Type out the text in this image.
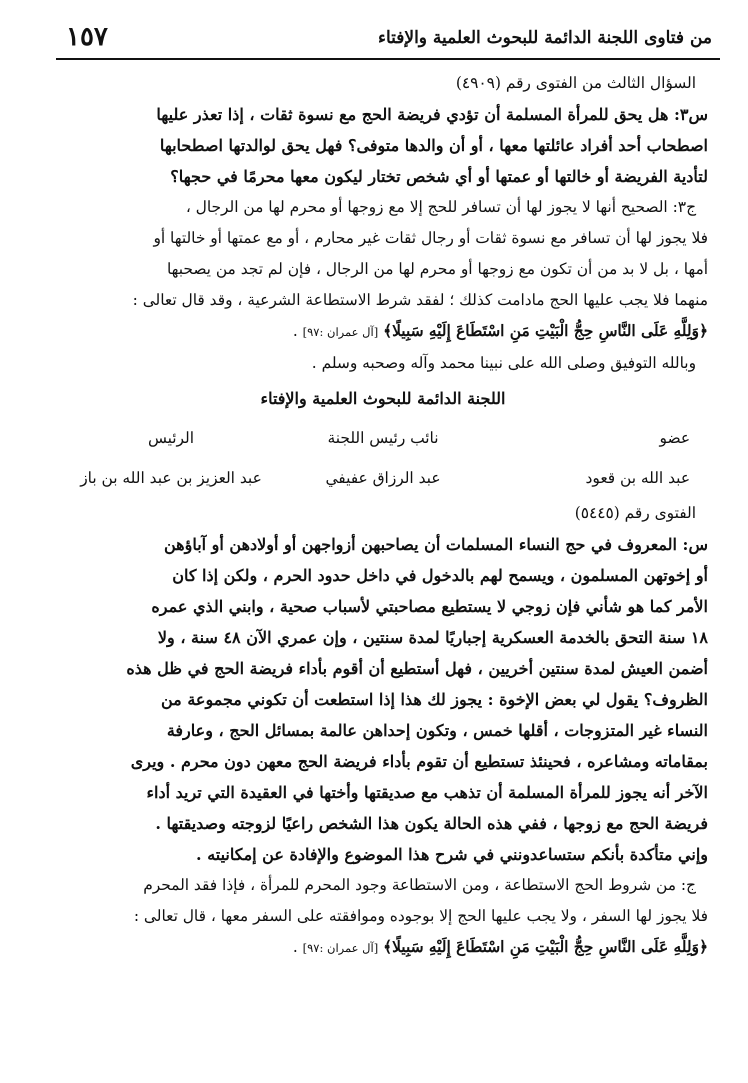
من فتاوى اللجنة الدائمة للبحوث العلمية والإفتاء
١٥٧

السؤال الثالث من الفتوى رقم (٤٩٠٩)

س٣: هل يحق للمرأة المسلمة أن تؤدي فريضة الحج مع نسوة ثقات ، إذا تعذر عليها

اصطحاب أحد أفراد عائلتها معها ، أو أن والدها متوفى؟ فهل يحق لوالدتها اصطحابها

لتأدية الفريضة أو خالتها أو عمتها أو أي شخص تختار ليكون معها محرمًا في حجها؟

ج٣: الصحيح أنها لا يجوز لها أن تسافر للحج إلا مع زوجها أو محرم لها من الرجال ،

فلا يجوز لها أن تسافر مع نسوة ثقات أو رجال ثقات غير محارم ، أو مع عمتها أو خالتها أو

أمها ، بل لا بد من أن تكون مع زوجها أو محرم لها من الرجال ، فإن لم تجد من يصحبها

منهما فلا يجب عليها الحج مادامت كذلك ؛ لفقد شرط الاستطاعة الشرعية ، وقد قال تعالى :

﴿وَلِلَّهِ عَلَى النَّاسِ حِجُّ الْبَيْتِ مَنِ اسْتَطَاعَ إِلَيْهِ سَبِيلًا﴾ [آل عمران :٩٧] .

وبالله التوفيق وصلى الله على نبينا محمد وآله وصحبه وسلم .

اللجنة الدائمة للبحوث العلمية والإفتاء

عضو
نائب رئيس اللجنة
الرئيس
عبد الله بن قعود
عبد الرزاق عفيفي
عبد العزيز بن عبد الله بن باز

الفتوى رقم (٥٤٤٥)

س: المعروف في حج النساء المسلمات أن يصاحبهن أزواجهن أو أولادهن أو آباؤهن

أو إخوتهن المسلمون ، ويسمح لهم بالدخول في داخل حدود الحرم ، ولكن إذا كان

الأمر كما هو شأني فإن زوجي لا يستطيع مصاحبتي لأسباب صحية ، وابني الذي عمره

١٨ سنة التحق بالخدمة العسكرية إجباريًا لمدة سنتين ، وإن عمري الآن ٤٨ سنة ، ولا

أضمن العيش لمدة سنتين أخريين ، فهل أستطيع أن أقوم بأداء فريضة الحج في ظل هذه

الظروف؟ يقول لي بعض الإخوة : يجوز لك هذا إذا استطعت أن تكوني مجموعة من

النساء غير المتزوجات ، أقلها خمس ، وتكون إحداهن عالمة بمسائل الحج ، وعارفة

بمقاماته ومشاعره ، فحينئذ تستطيع أن تقوم بأداء فريضة الحج معهن دون محرم . ويرى

الآخر أنه يجوز للمرأة المسلمة أن تذهب مع صديقتها وأختها في العقيدة التي تريد أداء

فريضة الحج مع زوجها ، ففي هذه الحالة يكون هذا الشخص راعيًا لزوجته وصديقتها .

وإني متأكدة بأنكم ستساعدونني في شرح هذا الموضوع والإفادة عن إمكانيته .

ج: من شروط الحج الاستطاعة ، ومن الاستطاعة وجود المحرم للمرأة ، فإذا فقد المحرم

فلا يجوز لها السفر ، ولا يجب عليها الحج إلا بوجوده وموافقته على السفر معها ، قال تعالى :

﴿وَلِلَّهِ عَلَى النَّاسِ حِجُّ الْبَيْتِ مَنِ اسْتَطَاعَ إِلَيْهِ سَبِيلًا﴾ [آل عمران :٩٧] .
